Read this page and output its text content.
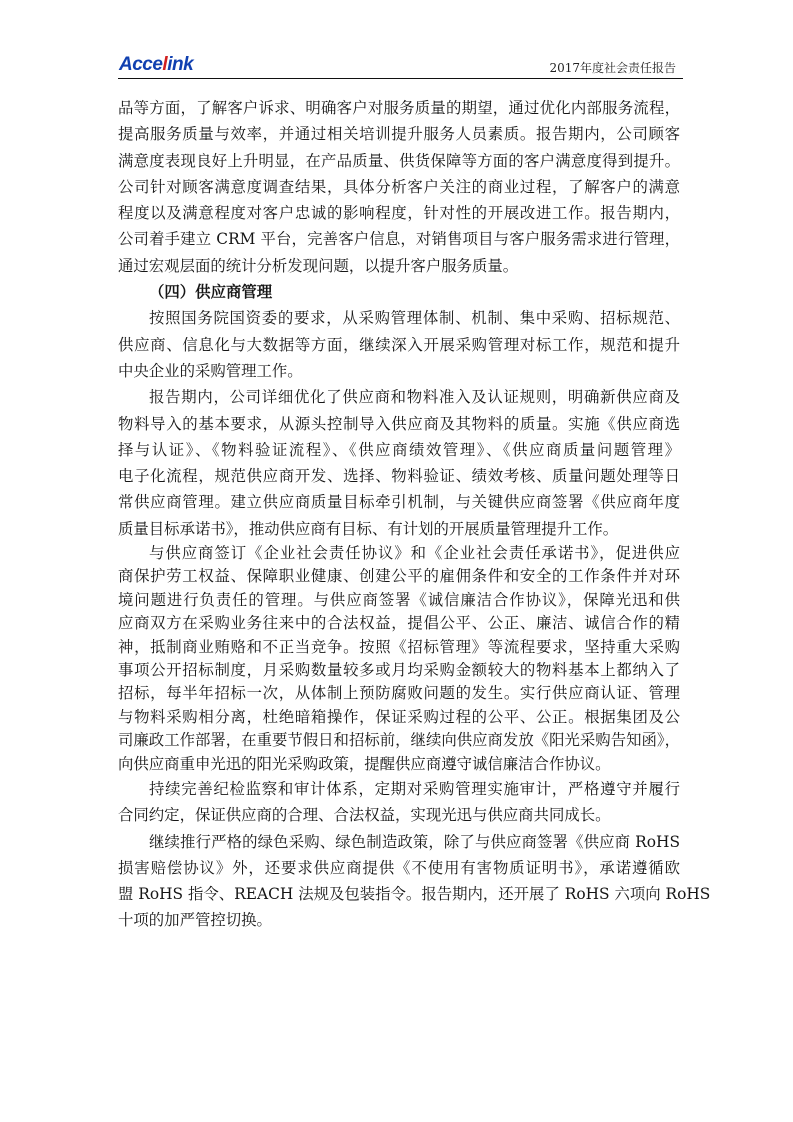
Accelink	2017年度社会责任报告
品等方面，了解客户诉求、明确客户对服务质量的期望，通过优化内部服务流程，
提高服务质量与效率，并通过相关培训提升服务人员素质。报告期内，公司顾客
满意度表现良好上升明显，在产品质量、供货保障等方面的客户满意度得到提升。
公司针对顾客满意度调查结果，具体分析客户关注的商业过程，了解客户的满意
程度以及满意程度对客户忠诚的影响程度，针对性的开展改进工作。报告期内，
公司着手建立 CRM 平台，完善客户信息，对销售项目与客户服务需求进行管理，
通过宏观层面的统计分析发现问题，以提升客户服务质量。
（四）供应商管理
按照国务院国资委的要求，从采购管理体制、机制、集中采购、招标规范、
供应商、信息化与大数据等方面，继续深入开展采购管理对标工作，规范和提升
中央企业的采购管理工作。
报告期内，公司详细优化了供应商和物料准入及认证规则，明确新供应商及
物料导入的基本要求，从源头控制导入供应商及其物料的质量。实施《供应商选
择与认证》、《物料验证流程》、《供应商绩效管理》、《供应商质量问题管理》
电子化流程，规范供应商开发、选择、物料验证、绩效考核、质量问题处理等日
常供应商管理。建立供应商质量目标牵引机制，与关键供应商签署《供应商年度
质量目标承诺书》，推动供应商有目标、有计划的开展质量管理提升工作。
与供应商签订《企业社会责任协议》和《企业社会责任承诺书》，促进供应
商保护劳工权益、保障职业健康、创建公平的雇佣条件和安全的工作条件并对环
境问题进行负责任的管理。与供应商签署《诚信廉洁合作协议》，保障光迅和供
应商双方在采购业务往来中的合法权益，提倡公平、公正、廉洁、诚信合作的精
神，抵制商业贿赂和不正当竞争。按照《招标管理》等流程要求，坚持重大采购
事项公开招标制度，月采购数量较多或月均采购金额较大的物料基本上都纳入了
招标，每半年招标一次，从体制上预防腐败问题的发生。实行供应商认证、管理
与物料采购相分离，杜绝暗箱操作，保证采购过程的公平、公正。根据集团及公
司廉政工作部署，在重要节假日和招标前，继续向供应商发放《阳光采购告知函》，
向供应商重申光迅的阳光采购政策，提醒供应商遵守诚信廉洁合作协议。
持续完善纪检监察和审计体系，定期对采购管理实施审计，严格遵守并履行
合同约定，保证供应商的合理、合法权益，实现光迅与供应商共同成长。
继续推行严格的绿色采购、绿色制造政策，除了与供应商签署《供应商 RoHS
损害赔偿协议》外，还要求供应商提供《不使用有害物质证明书》，承诺遵循欧
盟 RoHS 指令、REACH 法规及包装指令。报告期内，还开展了 RoHS 六项向 RoHS
十项的加严管控切换。
